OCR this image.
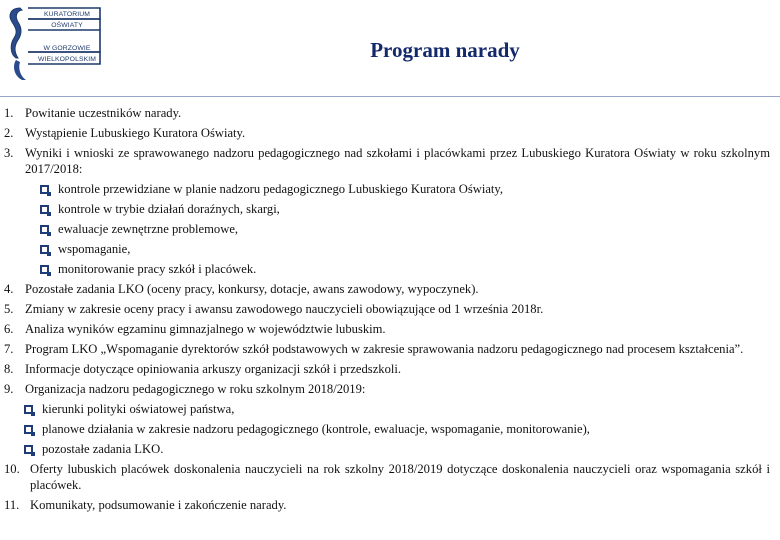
KURATORIUM
OŚWIATY
W GORZOWIE
WIELKOPOLSKIM	Program narady
1. Powitanie uczestników narady.
2. Wystąpienie Lubuskiego Kuratora Oświaty.
3. Wyniki i wnioski ze sprawowanego nadzoru pedagogicznego nad szkołami i placówkami przez Lubuskiego Kuratora Oświaty w roku szkolnym 2017/2018:
kontrole przewidziane w planie nadzoru pedagogicznego Lubuskiego Kuratora Oświaty,
kontrole w trybie działań doraźnych, skargi,
ewaluacje zewnętrzne problemowe,
wspomaganie,
monitorowanie pracy szkół i placówek.
4. Pozostałe zadania LKO (oceny pracy, konkursy, dotacje, awans zawodowy, wypoczynek).
5. Zmiany w zakresie oceny pracy i awansu zawodowego nauczycieli obowiązujące od 1 września 2018r.
6. Analiza wyników egzaminu gimnazjalnego w województwie lubuskim.
7. Program LKO „Wspomaganie dyrektorów szkół podstawowych w zakresie sprawowania nadzoru pedagogicznego nad procesem kształcenia”.
8. Informacje dotyczące opiniowania arkuszy organizacji szkół i przedszkoli.
9. Organizacja nadzoru pedagogicznego w roku szkolnym 2018/2019:
kierunki polityki oświatowej państwa,
planowe działania w zakresie nadzoru pedagogicznego (kontrole, ewaluacje, wspomaganie, monitorowanie),
pozostałe zadania LKO.
10. Oferty lubuskich placówek doskonalenia nauczycieli na rok szkolny 2018/2019 dotyczące doskonalenia nauczycieli oraz wspomagania szkół i placówek.
11. Komunikaty, podsumowanie i zakończenie narady.
